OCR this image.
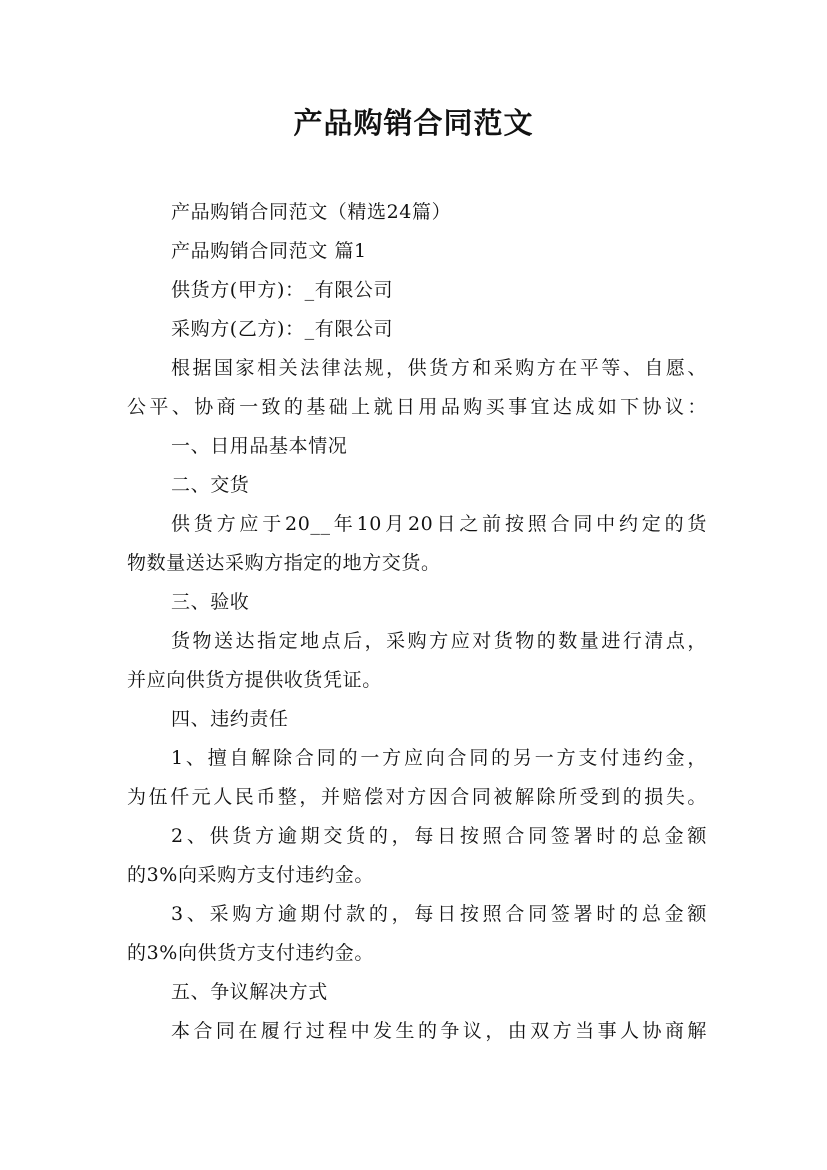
产品购销合同范文
产品购销合同范文（精选24篇）
产品购销合同范文 篇1
供货方(甲方)：_有限公司
采购方(乙方)：_有限公司
根据国家相关法律法规，供货方和采购方在平等、自愿、
公平、协商一致的基础上就日用品购买事宜达成如下协议：
一、日用品基本情况
二、交货
供货方应于20__年10月20日之前按照合同中约定的货
物数量送达采购方指定的地方交货。
三、验收
货物送达指定地点后，采购方应对货物的数量进行清点，
并应向供货方提供收货凭证。
四、违约责任
1、擅自解除合同的一方应向合同的另一方支付违约金，
为伍仟元人民币整，并赔偿对方因合同被解除所受到的损失。
2、供货方逾期交货的，每日按照合同签署时的总金额
的3%向采购方支付违约金。
3、采购方逾期付款的，每日按照合同签署时的总金额
的3%向供货方支付违约金。
五、争议解决方式
本合同在履行过程中发生的争议，由双方当事人协商解
